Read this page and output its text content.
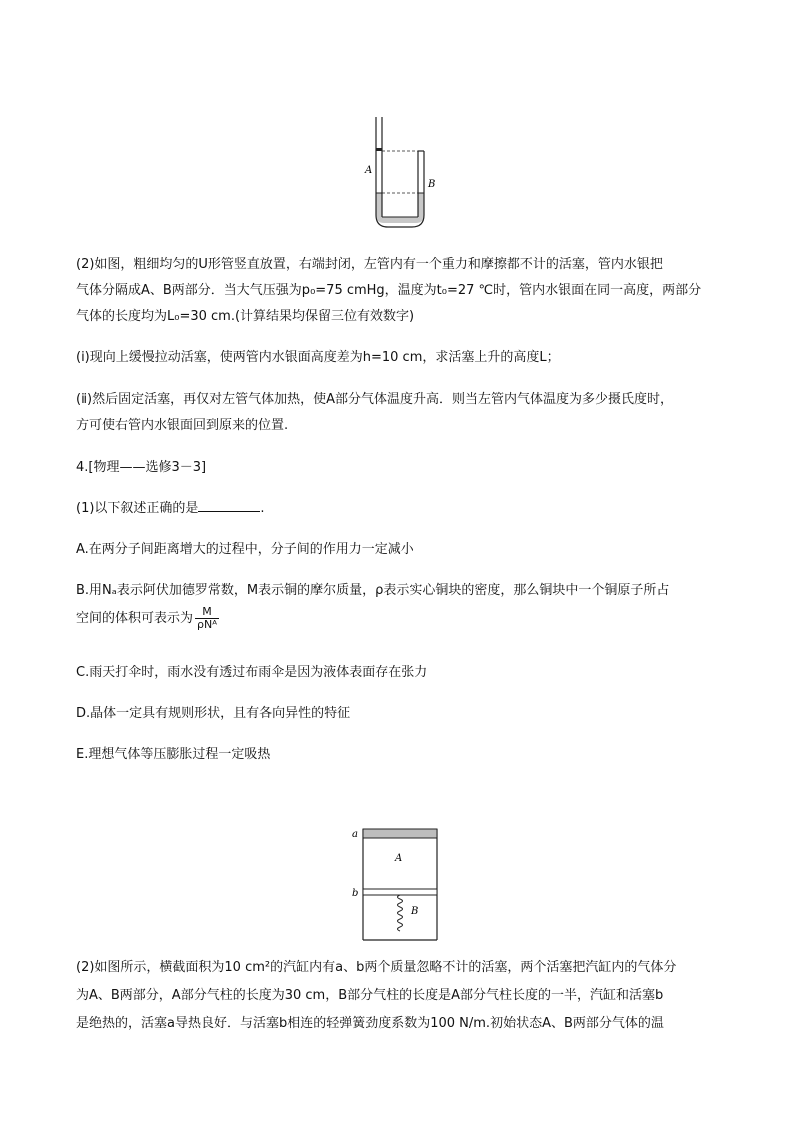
A
B

(2)如图，粗细均匀的U形管竖直放置，右端封闭，左管内有一个重力和摩擦都不计的活塞，管内水银把

气体分隔成A、B两部分．当大气压强为p₀=75 cmHg，温度为t₀=27 ℃时，管内水银面在同一高度，两部分

气体的长度均为L₀=30 cm.(计算结果均保留三位有效数字)

(ⅰ)现向上缓慢拉动活塞，使两管内水银面高度差为h=10 cm，求活塞上升的高度L；

(ⅱ)然后固定活塞，再仅对左管气体加热，使A部分气体温度升高．则当左管内气体温度为多少摄氏度时，

方可使右管内水银面回到原来的位置.

4.[物理——选修3－3]

(1)以下叙述正确的是	.

A.在两分子间距离增大的过程中，分子间的作用力一定减小

B.用Nₐ表示阿伏加德罗常数，M表示铜的摩尔质量，ρ表示实心铜块的密度，那么铜块中一个铜原子所占

空间的体积可表示为 $\frac{M}{\text{ρNᴬ}}$

C.雨天打伞时，雨水没有透过布雨伞是因为液体表面存在张力

D.晶体一定具有规则形状，且有各向异性的特征

E.理想气体等压膨胀过程一定吸热

a
A
b
B

(2)如图所示，横截面积为10 cm²的汽缸内有a、b两个质量忽略不计的活塞，两个活塞把汽缸内的气体分

为A、B两部分，A部分气柱的长度为30 cm，B部分气柱的长度是A部分气柱长度的一半，汽缸和活塞b

是绝热的，活塞a导热良好．与活塞b相连的轻弹簧劲度系数为100 N/m.初始状态A、B两部分气体的温
